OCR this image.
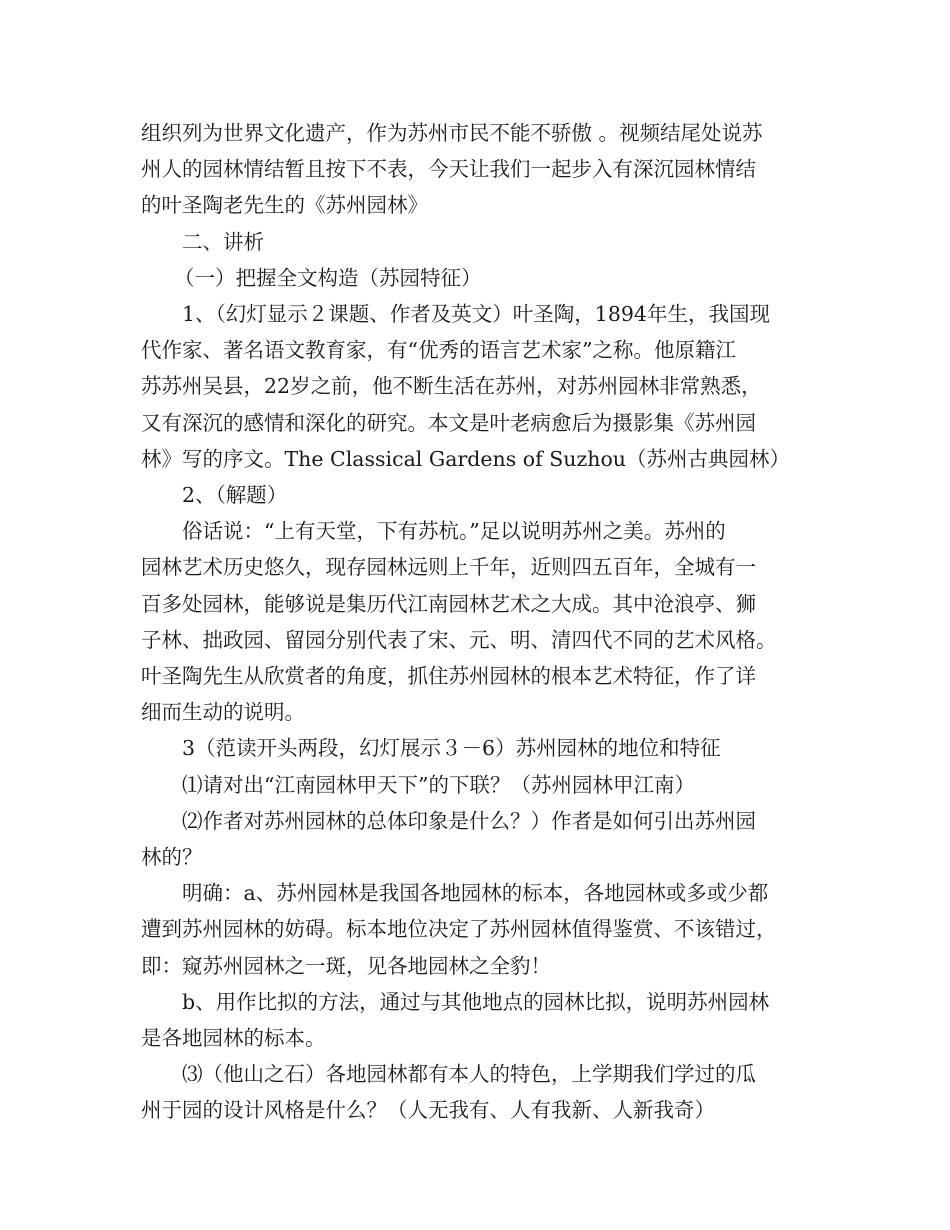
组织列为世界文化遗产，作为苏州市民不能不骄傲 。视频结尾处说苏

州人的园林情结暂且按下不表，今天让我们一起步入有深沉园林情结

的叶圣陶老先生的《苏州园林》

二、讲析

（一）把握全文构造（苏园特征）

1、（幻灯显示２课题、作者及英文）叶圣陶，1894年生，我国现

代作家、著名语文教育家，有“优秀的语言艺术家”之称。他原籍江

苏苏州吴县，22岁之前，他不断生活在苏州，对苏州园林非常熟悉，

又有深沉的感情和深化的研究。本文是叶老病愈后为摄影集《苏州园

林》写的序文。The Classical Gardens of Suzhou（苏州古典园林）

2、（解题）

俗话说：“上有天堂，下有苏杭。”足以说明苏州之美。苏州的

园林艺术历史悠久，现存园林远则上千年，近则四五百年，全城有一

百多处园林，能够说是集历代江南园林艺术之大成。其中沧浪亭、狮

子林、拙政园、留园分别代表了宋、元、明、清四代不同的艺术风格。

叶圣陶先生从欣赏者的角度，抓住苏州园林的根本艺术特征，作了详

细而生动的说明。

3（范读开头两段，幻灯展示３－6）苏州园林的地位和特征

⑴请对出“江南园林甲天下”的下联？（苏州园林甲江南）

⑵作者对苏州园林的总体印象是什么？）作者是如何引出苏州园

林的？

明确：a、苏州园林是我国各地园林的标本，各地园林或多或少都

遭到苏州园林的妨碍。标本地位决定了苏州园林值得鉴赏、不该错过，

即：窥苏州园林之一斑，见各地园林之全豹！

b、用作比拟的方法，通过与其他地点的园林比拟，说明苏州园林

是各地园林的标本。

⑶（他山之石）各地园林都有本人的特色，上学期我们学过的瓜

州于园的设计风格是什么？（人无我有、人有我新、人新我奇）
